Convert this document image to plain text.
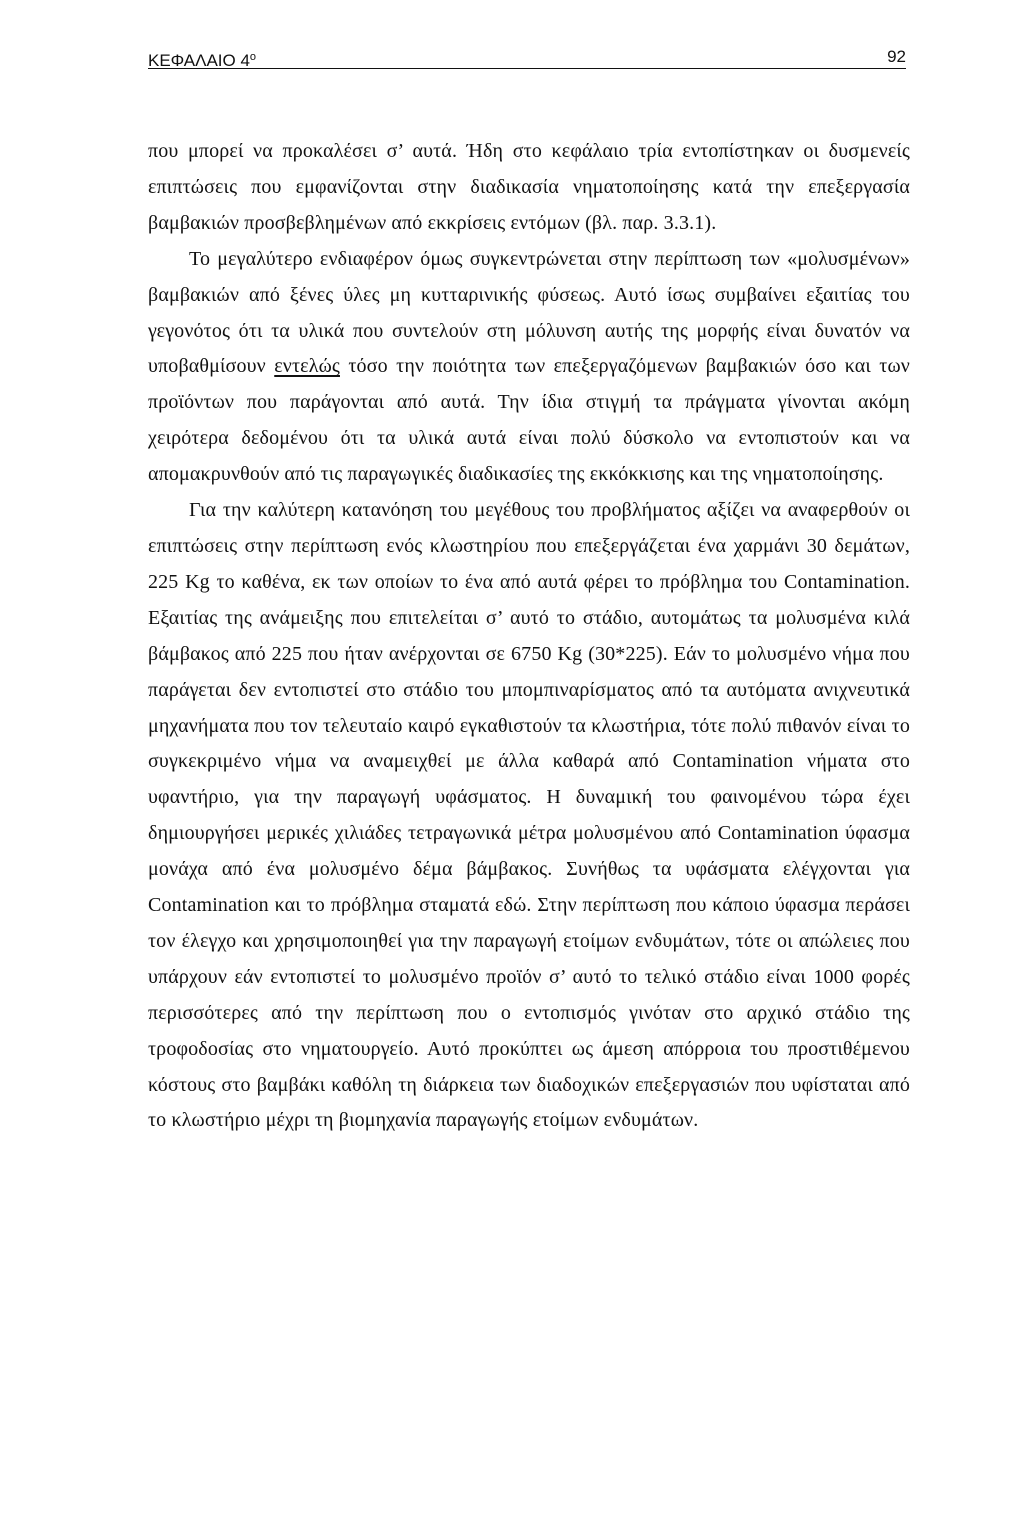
ΚΕΦΑΛΑΙΟ $4^o$	92

που μπορεί να προκαλέσει σ’ αυτά. Ήδη στο κεφάλαιο τρία εντοπίστηκαν οι δυσμενείς επιπτώσεις που εμφανίζονται στην διαδικασία νηματοποίησης κατά την επεξεργασία βαμβακιών προσβεβλημένων από εκκρίσεις εντόμων (βλ. παρ. 3.3.1).

Το μεγαλύτερο ενδιαφέρον όμως συγκεντρώνεται στην περίπτωση των «μολυσμένων» βαμβακιών από ξένες ύλες μη κυτταρινικής φύσεως. Αυτό ίσως συμβαίνει εξαιτίας του γεγονότος ότι τα υλικά που συντελούν στη μόλυνση αυτής της μορφής είναι δυνατόν να υποβαθμίσουν εντελώς τόσο την ποιότητα των επεξεργαζόμενων βαμβακιών όσο και των προϊόντων που παράγονται από αυτά. Την ίδια στιγμή τα πράγματα γίνονται ακόμη χειρότερα δεδομένου ότι τα υλικά αυτά είναι πολύ δύσκολο να εντοπιστούν και να απομακρυνθούν από τις παραγωγικές διαδικασίες της εκκόκκισης και της νηματοποίησης.

Για την καλύτερη κατανόηση του μεγέθους του προβλήματος αξίζει να αναφερθούν οι επιπτώσεις στην περίπτωση ενός κλωστηρίου που επεξεργάζεται ένα χαρμάνι 30 δεμάτων, 225 Kg το καθένα, εκ των οποίων το ένα από αυτά φέρει το πρόβλημα του Contamination. Εξαιτίας της ανάμειξης που επιτελείται σ’ αυτό το στάδιο, αυτομάτως τα μολυσμένα κιλά βάμβακος από 225 που ήταν ανέρχονται σε 6750 Kg (30*225). Εάν το μολυσμένο νήμα που παράγεται δεν εντοπιστεί στο στάδιο του μπομπιναρίσματος από τα αυτόματα ανιχνευτικά μηχανήματα που τον τελευταίο καιρό εγκαθιστούν τα κλωστήρια, τότε πολύ πιθανόν είναι το συγκεκριμένο νήμα να αναμειχθεί με άλλα καθαρά από Contamination νήματα στο υφαντήριο, για την παραγωγή υφάσματος. Η δυναμική του φαινομένου τώρα έχει δημιουργήσει μερικές χιλιάδες τετραγωνικά μέτρα μολυσμένου από Contamination ύφασμα μονάχα από ένα μολυσμένο δέμα βάμβακος. Συνήθως τα υφάσματα ελέγχονται για Contamination και το πρόβλημα σταματά εδώ. Στην περίπτωση που κάποιο ύφασμα περάσει τον έλεγχο και χρησιμοποιηθεί για την παραγωγή ετοίμων ενδυμάτων, τότε οι απώλειες που υπάρχουν εάν εντοπιστεί το μολυσμένο προϊόν σ’ αυτό το τελικό στάδιο είναι 1000 φορές περισσότερες από την περίπτωση που ο εντοπισμός γινόταν στο αρχικό στάδιο της τροφοδοσίας στο νηματουργείο. Αυτό προκύπτει ως άμεση απόρροια του προστιθέμενου κόστους στο βαμβάκι καθόλη τη διάρκεια των διαδοχικών επεξεργασιών που υφίσταται από το κλωστήριο μέχρι τη βιομηχανία παραγωγής ετοίμων ενδυμάτων.
